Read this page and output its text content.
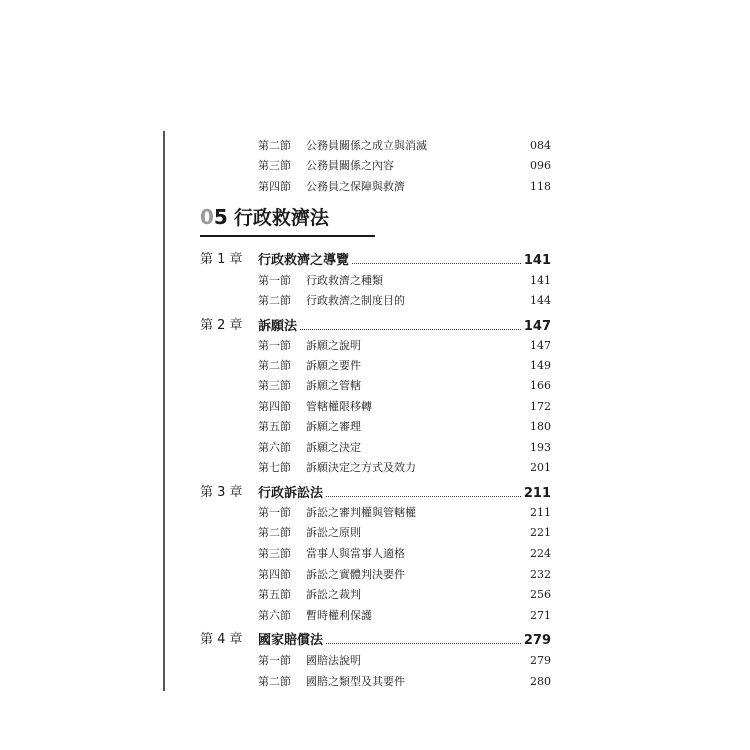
第二節 公務員關係之成立與消滅	084
第三節 公務員關係之內容	096
第四節 公務員之保障與救濟	118
05 行政救濟法
第 1 章 行政救濟之導覽	141
第一節 行政救濟之種類	141
第二節 行政救濟之制度目的	144
第 2 章 訴願法	147
第一節 訴願之說明	147
第二節 訴願之要件	149
第三節 訴願之管轄	166
第四節 管轄權限移轉	172
第五節 訴願之審理	180
第六節 訴願之決定	193
第七節 訴願決定之方式及效力	201
第 3 章 行政訴訟法	211
第一節 訴訟之審判權與管轄權	211
第二節 訴訟之原則	221
第三節 當事人與當事人適格	224
第四節 訴訟之實體判決要件	232
第五節 訴訟之裁判	256
第六節 暫時權利保護	271
第 4 章 國家賠償法	279
第一節 國賠法說明	279
第二節 國賠之類型及其要件	280
